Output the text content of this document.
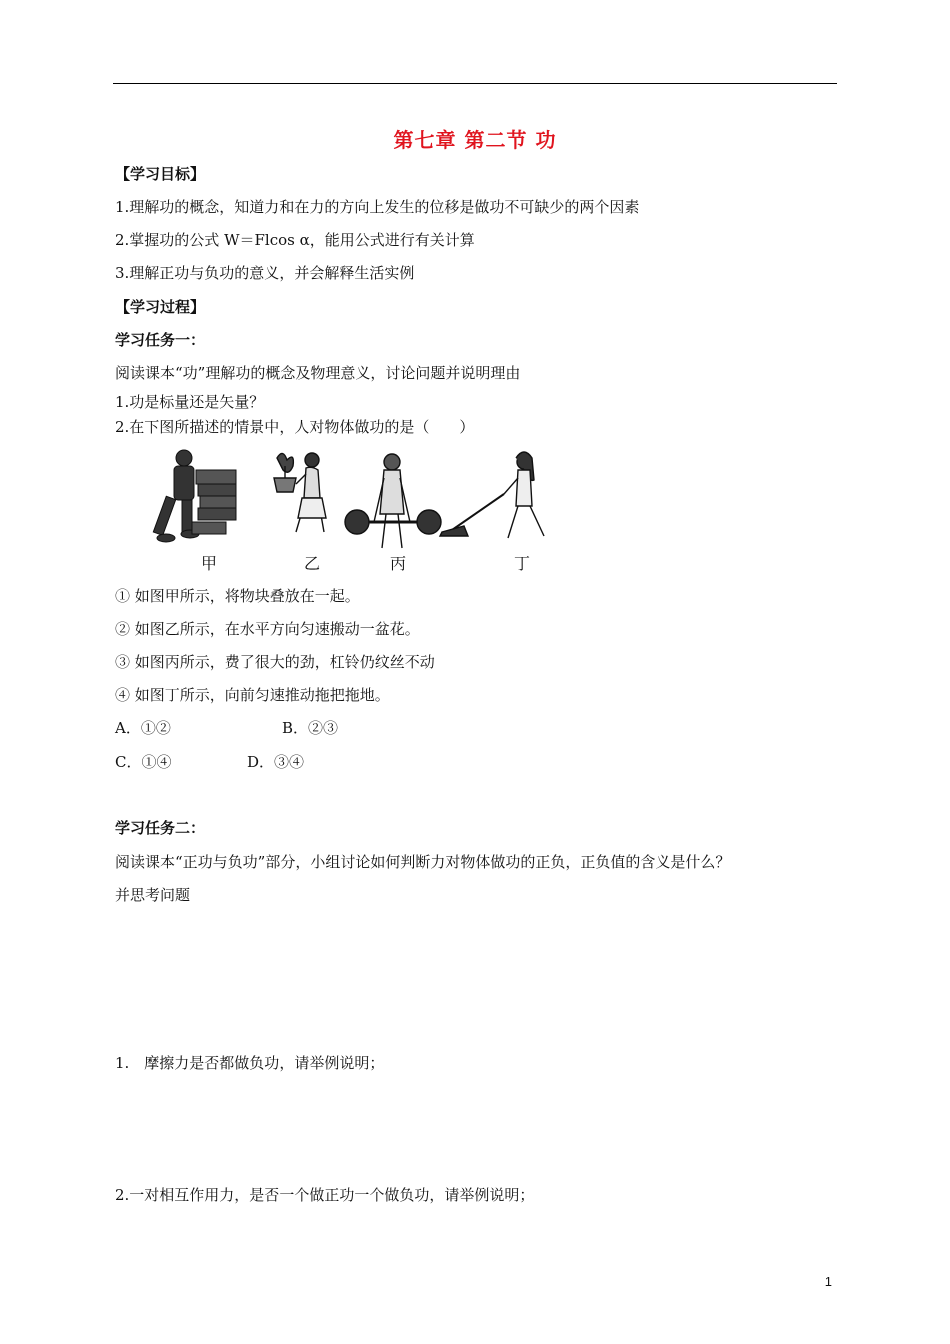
第七章 第二节 功
【学习目标】
1.理解功的概念，知道力和在力的方向上发生的位移是做功不可缺少的两个因素
2.掌握功的公式 W＝Flcos α，能用公式进行有关计算
3.理解正功与负功的意义，并会解释生活实例
【学习过程】
学习任务一：
阅读课本“功”理解功的概念及物理意义，讨论问题并说明理由
1.功是标量还是矢量？
2.在下图所描述的情景中，人对物体做功的是（　　）
甲	乙	丙	丁
① 如图甲所示，将物块叠放在一起。
② 如图乙所示，在水平方向匀速搬动一盆花。
③ 如图丙所示，费了很大的劲，杠铃仍纹丝不动
④ 如图丁所示，向前匀速推动拖把拖地。
A．①②	B．②③
C．①④	D．③④
学习任务二：
阅读课本“正功与负功”部分，小组讨论如何判断力对物体做功的正负，正负值的含义是什么？
并思考问题
1.　摩擦力是否都做负功，请举例说明；
2.一对相互作用力，是否一个做正功一个做负功，请举例说明；
1
